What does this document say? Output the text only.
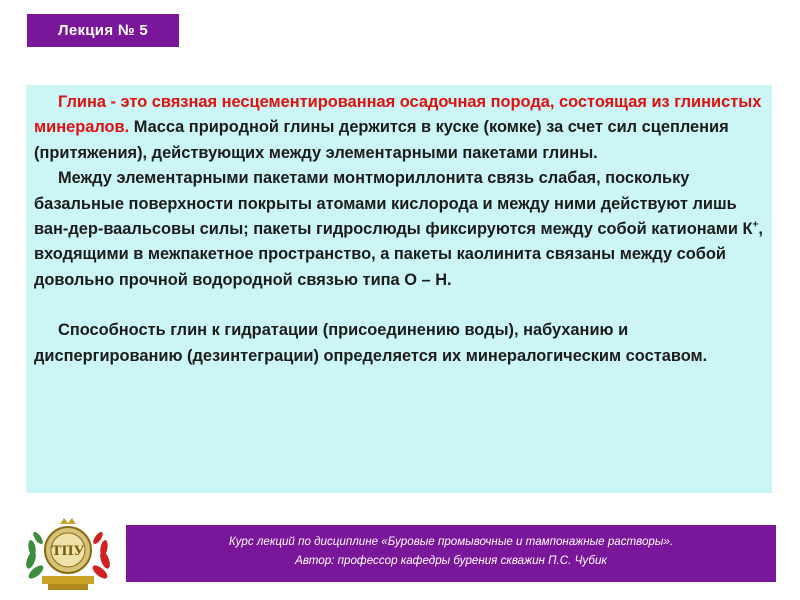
Лекция № 5

Глина - это связная несцементированная осадочная порода, состоящая из глинистых минералов. Масса природной глины держится в куске (комке) за счет сил сцепления (притяжения), действующих между элементарными пакетами глины.

Между элементарными пакетами монтмориллонита связь слабая, поскольку базальные поверхности покрыты атомами кислорода и между ними действуют лишь ван-дер-ваальсовы силы; пакеты гидрослюды фиксируются между собой катионами К+, входящими в межпакетное пространство, а пакеты каолинита связаны между собой довольно прочной водородной связью типа О – Н.

Способность глин к гидратации (присоединению воды), набуханию и диспергированию (дезинтеграции) определяется их минералогическим составом.

ТПУ
Курс лекций по дисциплине «Буровые промывочные и тампонажные растворы».
Автор: профессор кафедры бурения скважин П.С. Чубик
